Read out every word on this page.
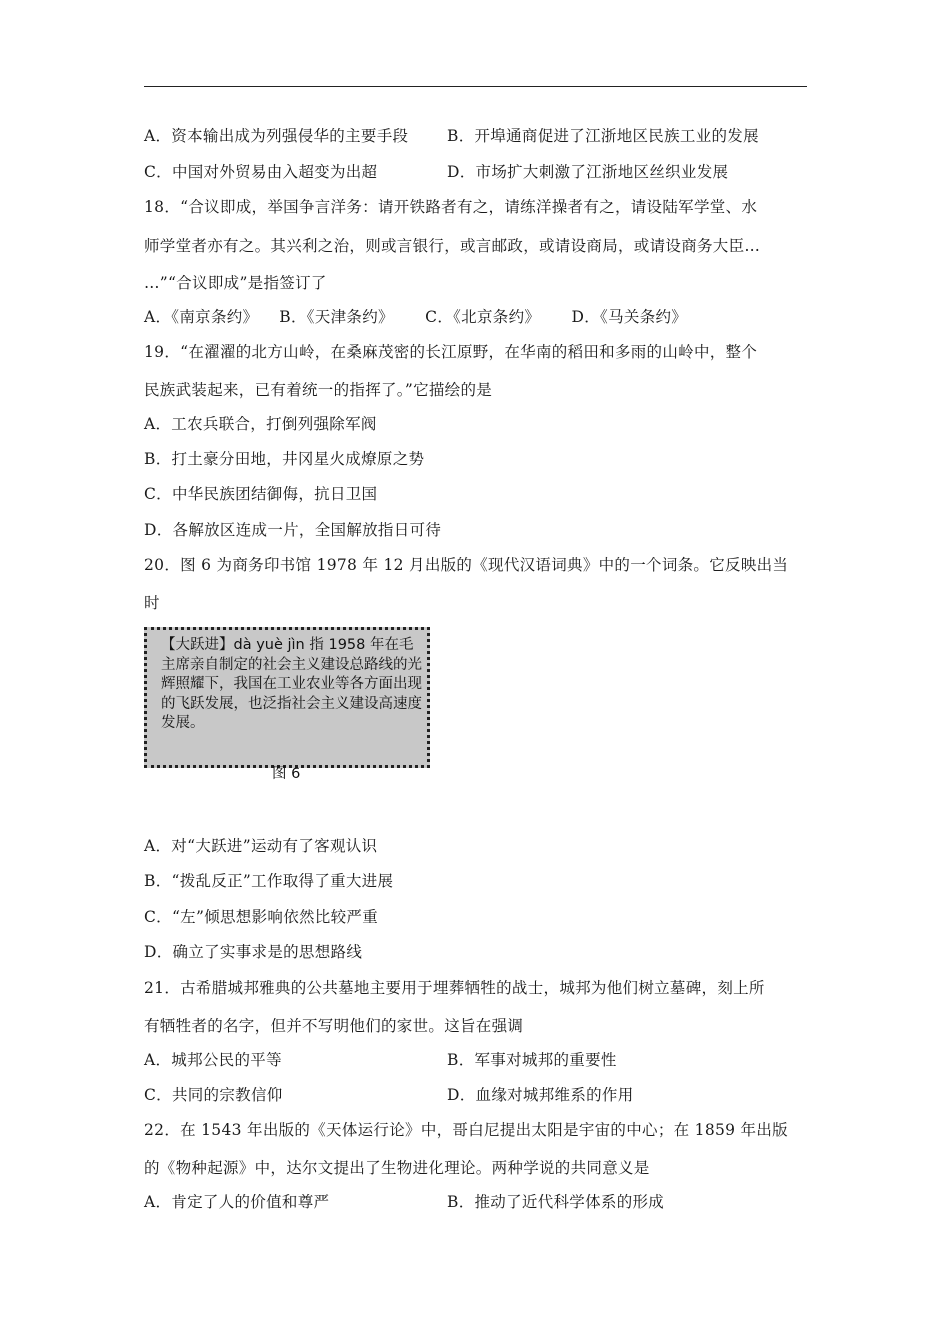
A．资本输出成为列强侵华的主要手段 B．开埠通商促进了江浙地区民族工业的发展
C．中国对外贸易由入超变为出超	D．市场扩大刺激了江浙地区丝织业发展
18．“合议即成，举国争言洋务：请开铁路者有之，请练洋操者有之，请设陆军学堂、水
师学堂者亦有之。其兴利之治，则或言银行，或言邮政，或请设商局，或请设商务大臣…
…”“合议即成”是指签订了
A．《南京条约》    B．《天津条约》      C．《北京条约》      D．《马关条约》
19．“在濯濯的北方山岭，在桑麻茂密的长江原野，在华南的稻田和多雨的山岭中，整个
民族武装起来，已有着统一的指挥了。”它描绘的是
A．工农兵联合，打倒列强除军阀
B．打土豪分田地，井冈星火成燎原之势
C．中华民族团结御侮，抗日卫国
D．各解放区连成一片，全国解放指日可待
20．图 6 为商务印书馆 1978 年 12 月出版的《现代汉语词典》中的一个词条。它反映出当
时
【大跃进】dà yuè jìn 指 1958 年在毛主席亲自制定的社会主义建设总路线的光辉照耀下，我国在工业农业等各方面出现的飞跃发展，也泛指社会主义建设高速度发展。
图 6
A．对“大跃进”运动有了客观认识
B．“拨乱反正”工作取得了重大进展
C．“左”倾思想影响依然比较严重
D．确立了实事求是的思想路线
21．古希腊城邦雅典的公共墓地主要用于埋葬牺牲的战士，城邦为他们树立墓碑，刻上所
有牺牲者的名字，但并不写明他们的家世。这旨在强调
A．城邦公民的平等	B．军事对城邦的重要性
C．共同的宗教信仰	D．血缘对城邦维系的作用
22．在 1543 年出版的《天体运行论》中，哥白尼提出太阳是宇宙的中心；在 1859 年出版
的《物种起源》中，达尔文提出了生物进化理论。两种学说的共同意义是
A．肯定了人的价值和尊严	B．推动了近代科学体系的形成
